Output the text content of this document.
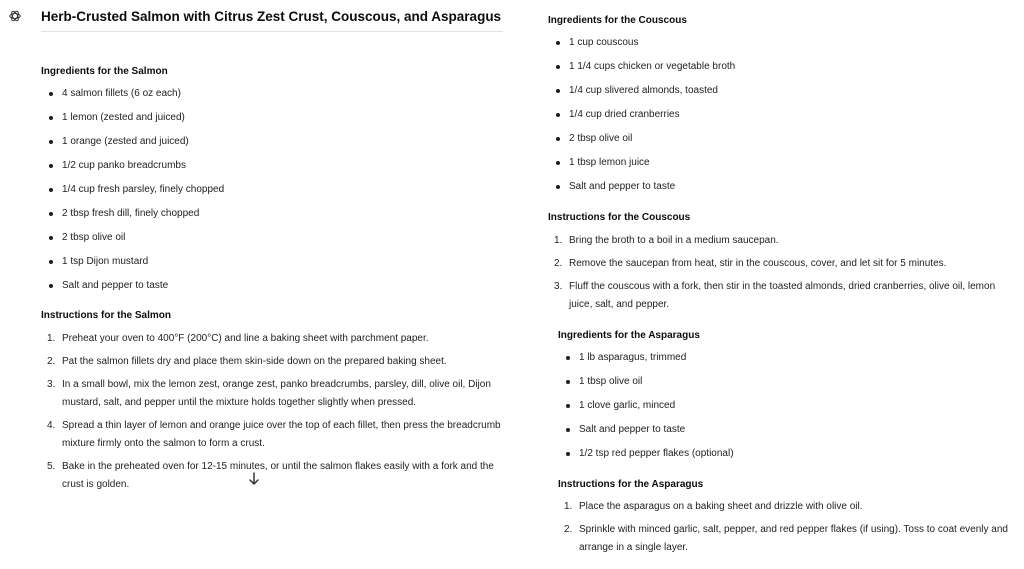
Herb-Crusted Salmon with Citrus Zest Crust, Couscous, and Asparagus
Ingredients for the Salmon
4 salmon fillets (6 oz each)
1 lemon (zested and juiced)
1 orange (zested and juiced)
1/2 cup panko breadcrumbs
1/4 cup fresh parsley, finely chopped
2 tbsp fresh dill, finely chopped
2 tbsp olive oil
1 tsp Dijon mustard
Salt and pepper to taste
Instructions for the Salmon
1. Preheat your oven to 400°F (200°C) and line a baking sheet with parchment paper.
2. Pat the salmon fillets dry and place them skin-side down on the prepared baking sheet.
3. In a small bowl, mix the lemon zest, orange zest, panko breadcrumbs, parsley, dill, olive oil, Dijon mustard, salt, and pepper until the mixture holds together slightly when pressed.
4. Spread a thin layer of lemon and orange juice over the top of each fillet, then press the breadcrumb mixture firmly onto the salmon to form a crust.
5. Bake in the preheated oven for 12-15 minutes, or until the salmon flakes easily with a fork and the crust is golden.
Ingredients for the Couscous
1 cup couscous
1 1/4 cups chicken or vegetable broth
1/4 cup slivered almonds, toasted
1/4 cup dried cranberries
2 tbsp olive oil
1 tbsp lemon juice
Salt and pepper to taste
Instructions for the Couscous
1. Bring the broth to a boil in a medium saucepan.
2. Remove the saucepan from heat, stir in the couscous, cover, and let sit for 5 minutes.
3. Fluff the couscous with a fork, then stir in the toasted almonds, dried cranberries, olive oil, lemon juice, salt, and pepper.
Ingredients for the Asparagus
1 lb asparagus, trimmed
1 tbsp olive oil
1 clove garlic, minced
Salt and pepper to taste
1/2 tsp red pepper flakes (optional)
Instructions for the Asparagus
1. Place the asparagus on a baking sheet and drizzle with olive oil.
2. Sprinkle with minced garlic, salt, pepper, and red pepper flakes (if using). Toss to coat evenly and arrange in a single layer.
